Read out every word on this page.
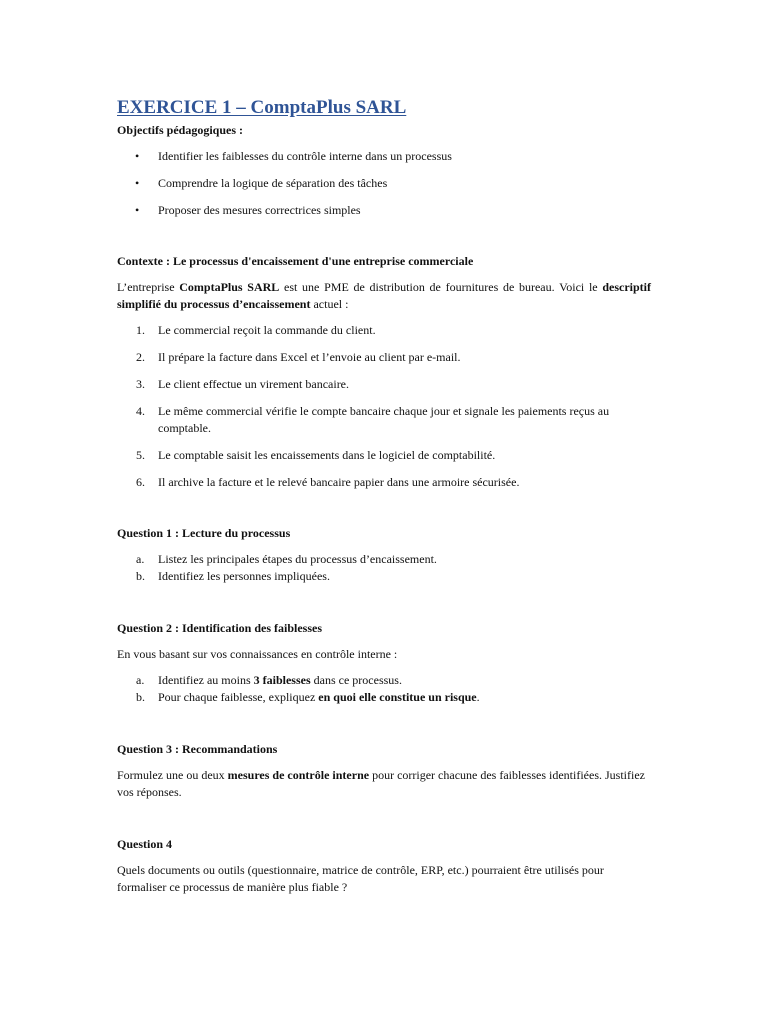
EXERCICE 1 – ComptaPlus SARL

Objectifs pédagogiques :

• Identifier les faiblesses du contrôle interne dans un processus
• Comprendre la logique de séparation des tâches
• Proposer des mesures correctrices simples

Contexte : Le processus d'encaissement d'une entreprise commerciale

L’entreprise ComptaPlus SARL est une PME de distribution de fournitures de bureau. Voici le descriptif simplifié du processus d’encaissement actuel :

1. Le commercial reçoit la commande du client.
2. Il prépare la facture dans Excel et l’envoie au client par e-mail.
3. Le client effectue un virement bancaire.
4. Le même commercial vérifie le compte bancaire chaque jour et signale les paiements reçus au comptable.
5. Le comptable saisit les encaissements dans le logiciel de comptabilité.
6. Il archive la facture et le relevé bancaire papier dans une armoire sécurisée.

Question 1 : Lecture du processus

a. Listez les principales étapes du processus d’encaissement.
b. Identifiez les personnes impliquées.

Question 2 : Identification des faiblesses

En vous basant sur vos connaissances en contrôle interne :

a. Identifiez au moins 3 faiblesses dans ce processus.
b. Pour chaque faiblesse, expliquez en quoi elle constitue un risque.

Question 3 : Recommandations

Formulez une ou deux mesures de contrôle interne pour corriger chacune des faiblesses identifiées. Justifiez vos réponses.

Question 4

Quels documents ou outils (questionnaire, matrice de contrôle, ERP, etc.) pourraient être utilisés pour formaliser ce processus de manière plus fiable ?
